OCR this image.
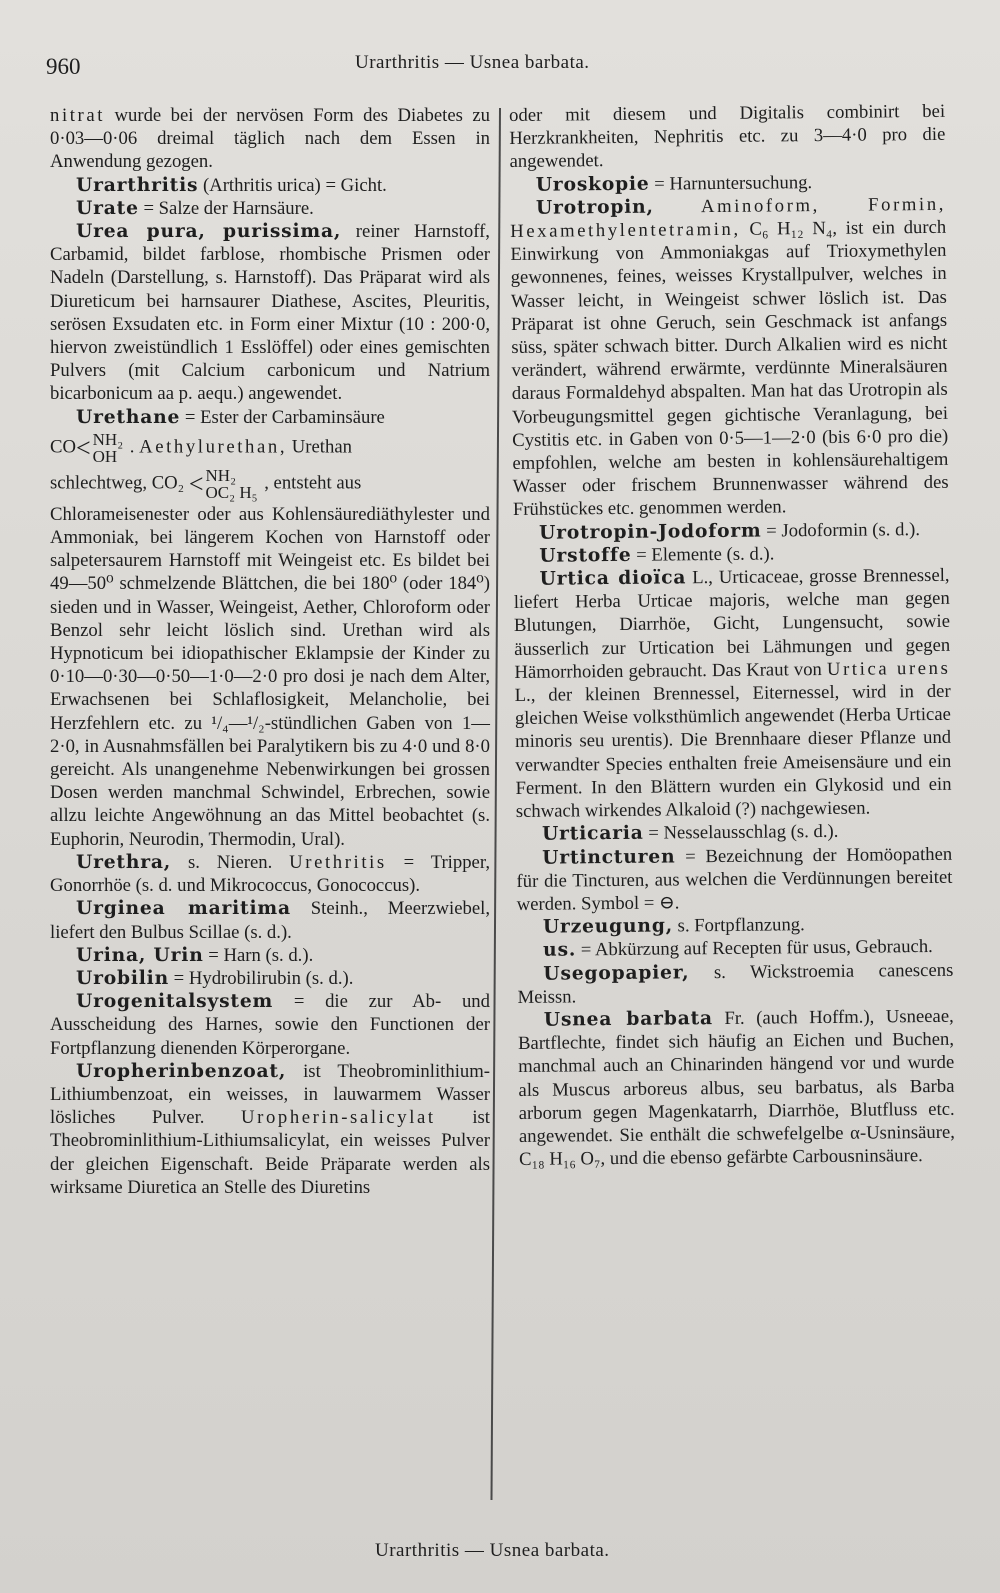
960	Urarthritis — Usnea barbata.

nitrat wurde bei der nervösen Form des Diabetes zu 0·03—0·06 dreimal täglich nach dem Essen in Anwendung gezogen.

Urarthritis (Arthritis urica) = Gicht.

Urate = Salze der Harnsäure.

Urea pura, purissima, reiner Harnstoff, Carbamid, bildet farblose, rhombische Prismen oder Nadeln (Darstellung, s. Harnstoff). Das Präparat wird als Diureticum bei harnsaurer Diathese, Ascites, Pleuritis, serösen Exsudaten etc. in Form einer Mixtur (10 : 200·0, hiervon zweistündlich 1 Esslöffel) oder eines gemischten Pulvers (mit Calcium carbonicum und Natrium bicarbonicum aa p. aequ.) angewendet.

Urethane = Ester der Carbaminsäure

CO< NH₂
OH . Aethylurethan, Urethan

schlechtweg, CO₂ < NH₂
OC₂ H₅ , entsteht aus

Chlorameisenester oder aus Kohlensäurediäthylester und Ammoniak, bei längerem Kochen von Harnstoff oder salpetersaurem Harnstoff mit Weingeist etc. Es bildet bei 49—50⁰ schmelzende Blättchen, die bei 180⁰ (oder 184⁰) sieden und in Wasser, Weingeist, Aether, Chloroform oder Benzol sehr leicht löslich sind. Urethan wird als Hypnoticum bei idiopathischer Eklampsie der Kinder zu 0·10—0·30—0·50—1·0—2·0 pro dosi je nach dem Alter, Erwachsenen bei Schlaflosigkeit, Melancholie, bei Herzfehlern etc. zu ¹/₄—¹/₂-stündlichen Gaben von 1—2·0, in Ausnahmsfällen bei Paralytikern bis zu 4·0 und 8·0 gereicht. Als unangenehme Nebenwirkungen bei grossen Dosen werden manchmal Schwindel, Erbrechen, sowie allzu leichte Angewöhnung an das Mittel beobachtet (s. Euphorin, Neurodin, Thermodin, Ural).

Urethra, s. Nieren. Urethritis = Tripper, Gonorrhöe (s. d. und Mikrococcus, Gonococcus).

Urginea maritima Steinh., Meerzwiebel, liefert den Bulbus Scillae (s. d.).

Urina, Urin = Harn (s. d.).

Urobilin = Hydrobilirubin (s. d.).

Urogenitalsystem = die zur Ab- und Ausscheidung des Harnes, sowie den Functionen der Fortpflanzung dienenden Körperorgane.

Uropherinbenzoat, ist Theobrominlithium-Lithiumbenzoat, ein weisses, in lauwarmem Wasser lösliches Pulver. Uropherin-salicylat ist Theobrominlithium-Lithiumsalicylat, ein weisses Pulver der gleichen Eigenschaft. Beide Präparate werden als wirksame Diuretica an Stelle des Diuretins

oder mit diesem und Digitalis combinirt bei Herzkrankheiten, Nephritis etc. zu 3—4·0 pro die angewendet.

Uroskopie = Harnuntersuchung.

Urotropin, Aminoform, Formin, Hexamethylentetramin, C₆ H₁₂ N₄, ist ein durch Einwirkung von Ammoniakgas auf Trioxymethylen gewonnenes, feines, weisses Krystallpulver, welches in Wasser leicht, in Weingeist schwer löslich ist. Das Präparat ist ohne Geruch, sein Geschmack ist anfangs süss, später schwach bitter. Durch Alkalien wird es nicht verändert, während erwärmte, verdünnte Mineralsäuren daraus Formaldehyd abspalten. Man hat das Urotropin als Vorbeugungsmittel gegen gichtische Veranlagung, bei Cystitis etc. in Gaben von 0·5—1—2·0 (bis 6·0 pro die) empfohlen, welche am besten in kohlensäurehaltigem Wasser oder frischem Brunnenwasser während des Frühstückes etc. genommen werden.

Urotropin-Jodoform = Jodoformin (s. d.).

Urstoffe = Elemente (s. d.).

Urtica dioïca L., Urticaceae, grosse Brennessel, liefert Herba Urticae majoris, welche man gegen Blutungen, Diarrhöe, Gicht, Lungensucht, sowie äusserlich zur Urtication bei Lähmungen und gegen Hämorrhoiden gebraucht. Das Kraut von Urtica urens L., der kleinen Brennessel, Eiternessel, wird in der gleichen Weise volksthümlich angewendet (Herba Urticae minoris seu urentis). Die Brennhaare dieser Pflanze und verwandter Species enthalten freie Ameisensäure und ein Ferment. In den Blättern wurden ein Glykosid und ein schwach wirkendes Alkaloid (?) nachgewiesen.

Urticaria = Nesselausschlag (s. d.).

Urtincturen = Bezeichnung der Homöopathen für die Tincturen, aus welchen die Verdünnungen bereitet werden. Symbol = ⊖.

Urzeugung, s. Fortpflanzung.

us. = Abkürzung auf Recepten für usus, Gebrauch.

Usegopapier, s. Wickstroemia canescens Meissn.

Usnea barbata Fr. (auch Hoffm.), Usneeae, Bartflechte, findet sich häufig an Eichen und Buchen, manchmal auch an Chinarinden hängend vor und wurde als Muscus arboreus albus, seu barbatus, als Barba arborum gegen Magenkatarrh, Diarrhöe, Blutfluss etc. angewendet. Sie enthält die schwefelgelbe α-Usninsäure, C₁₈ H₁₆ O₇, und die ebenso gefärbte Carbousninsäure.

Urarthritis — Usnea barbata.
